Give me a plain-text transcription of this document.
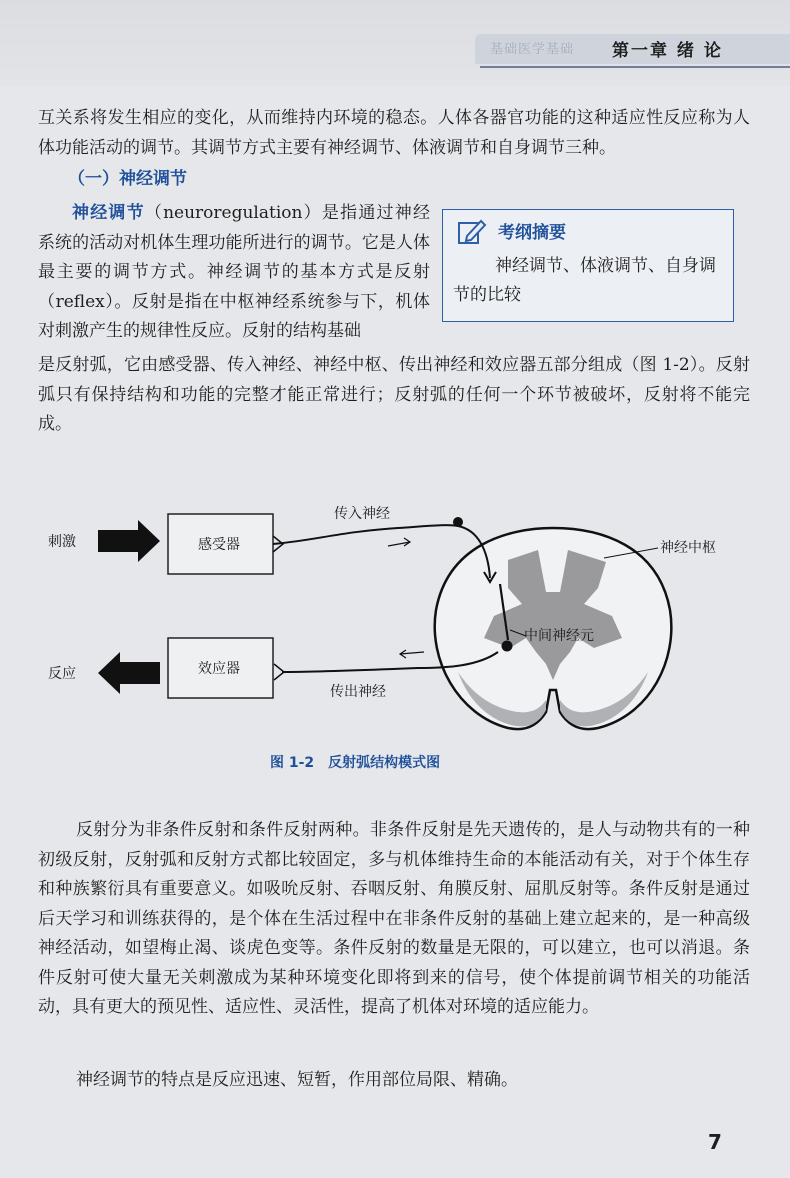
基础医学基础 第一章 绪 论
互关系将发生相应的变化，从而维持内环境的稳态。人体各器官功能的这种适应性反应称为人体功能活动的调节。其调节方式主要有神经调节、体液调节和自身调节三种。
（一）神经调节
神经调节（neuroregulation）是指通过神经系统的活动对机体生理功能所进行的调节。它是人体最主要的调节方式。神经调节的基本方式是反射（reflex）。反射是指在中枢神经系统参与下，机体对刺激产生的规律性反应。反射的结构基础
考纲摘要
神经调节、体液调节、自身调节的比较
是反射弧，它由感受器、传入神经、神经中枢、传出神经和效应器五部分组成（图 1-2）。反射弧只有保持结构和功能的完整才能正常进行；反射弧的任何一个环节被破坏，反射将不能完成。
刺激	感受器
效应器
反应
传入神经
传出神经
神经中枢
中间神经元
图 1-2　反射弧结构模式图
反射分为非条件反射和条件反射两种。非条件反射是先天遗传的，是人与动物共有的一种初级反射，反射弧和反射方式都比较固定，多与机体维持生命的本能活动有关，对于个体生存和种族繁衍具有重要意义。如吸吮反射、吞咽反射、角膜反射、屈肌反射等。条件反射是通过后天学习和训练获得的，是个体在生活过程中在非条件反射的基础上建立起来的，是一种高级神经活动，如望梅止渴、谈虎色变等。条件反射的数量是无限的，可以建立，也可以消退。条件反射可使大量无关刺激成为某种环境变化即将到来的信号，使个体提前调节相关的功能活动，具有更大的预见性、适应性、灵活性，提高了机体对环境的适应能力。
神经调节的特点是反应迅速、短暂，作用部位局限、精确。
7
